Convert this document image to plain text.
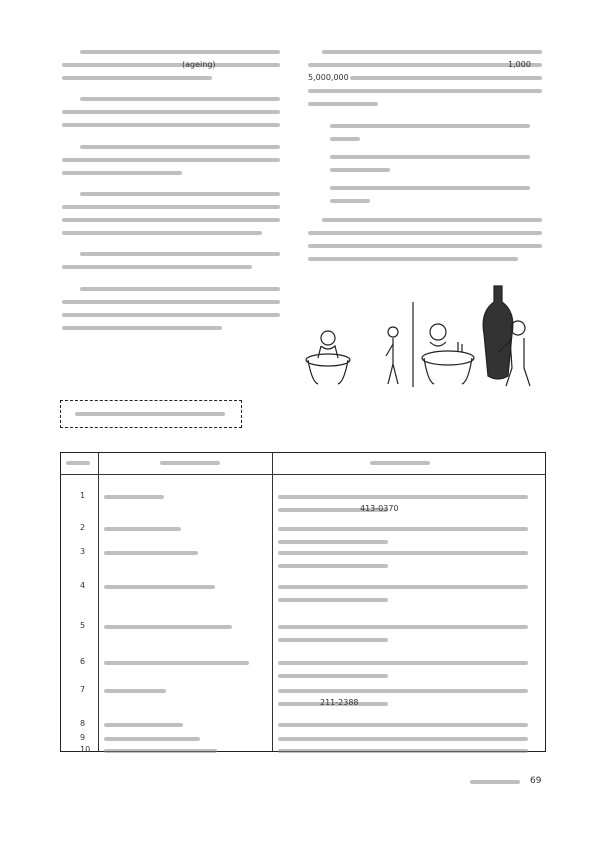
(ageing)	1,000
5,000,000
1
413-0370
2
3
4
5
6
7
211-2388
8
9
10
69
